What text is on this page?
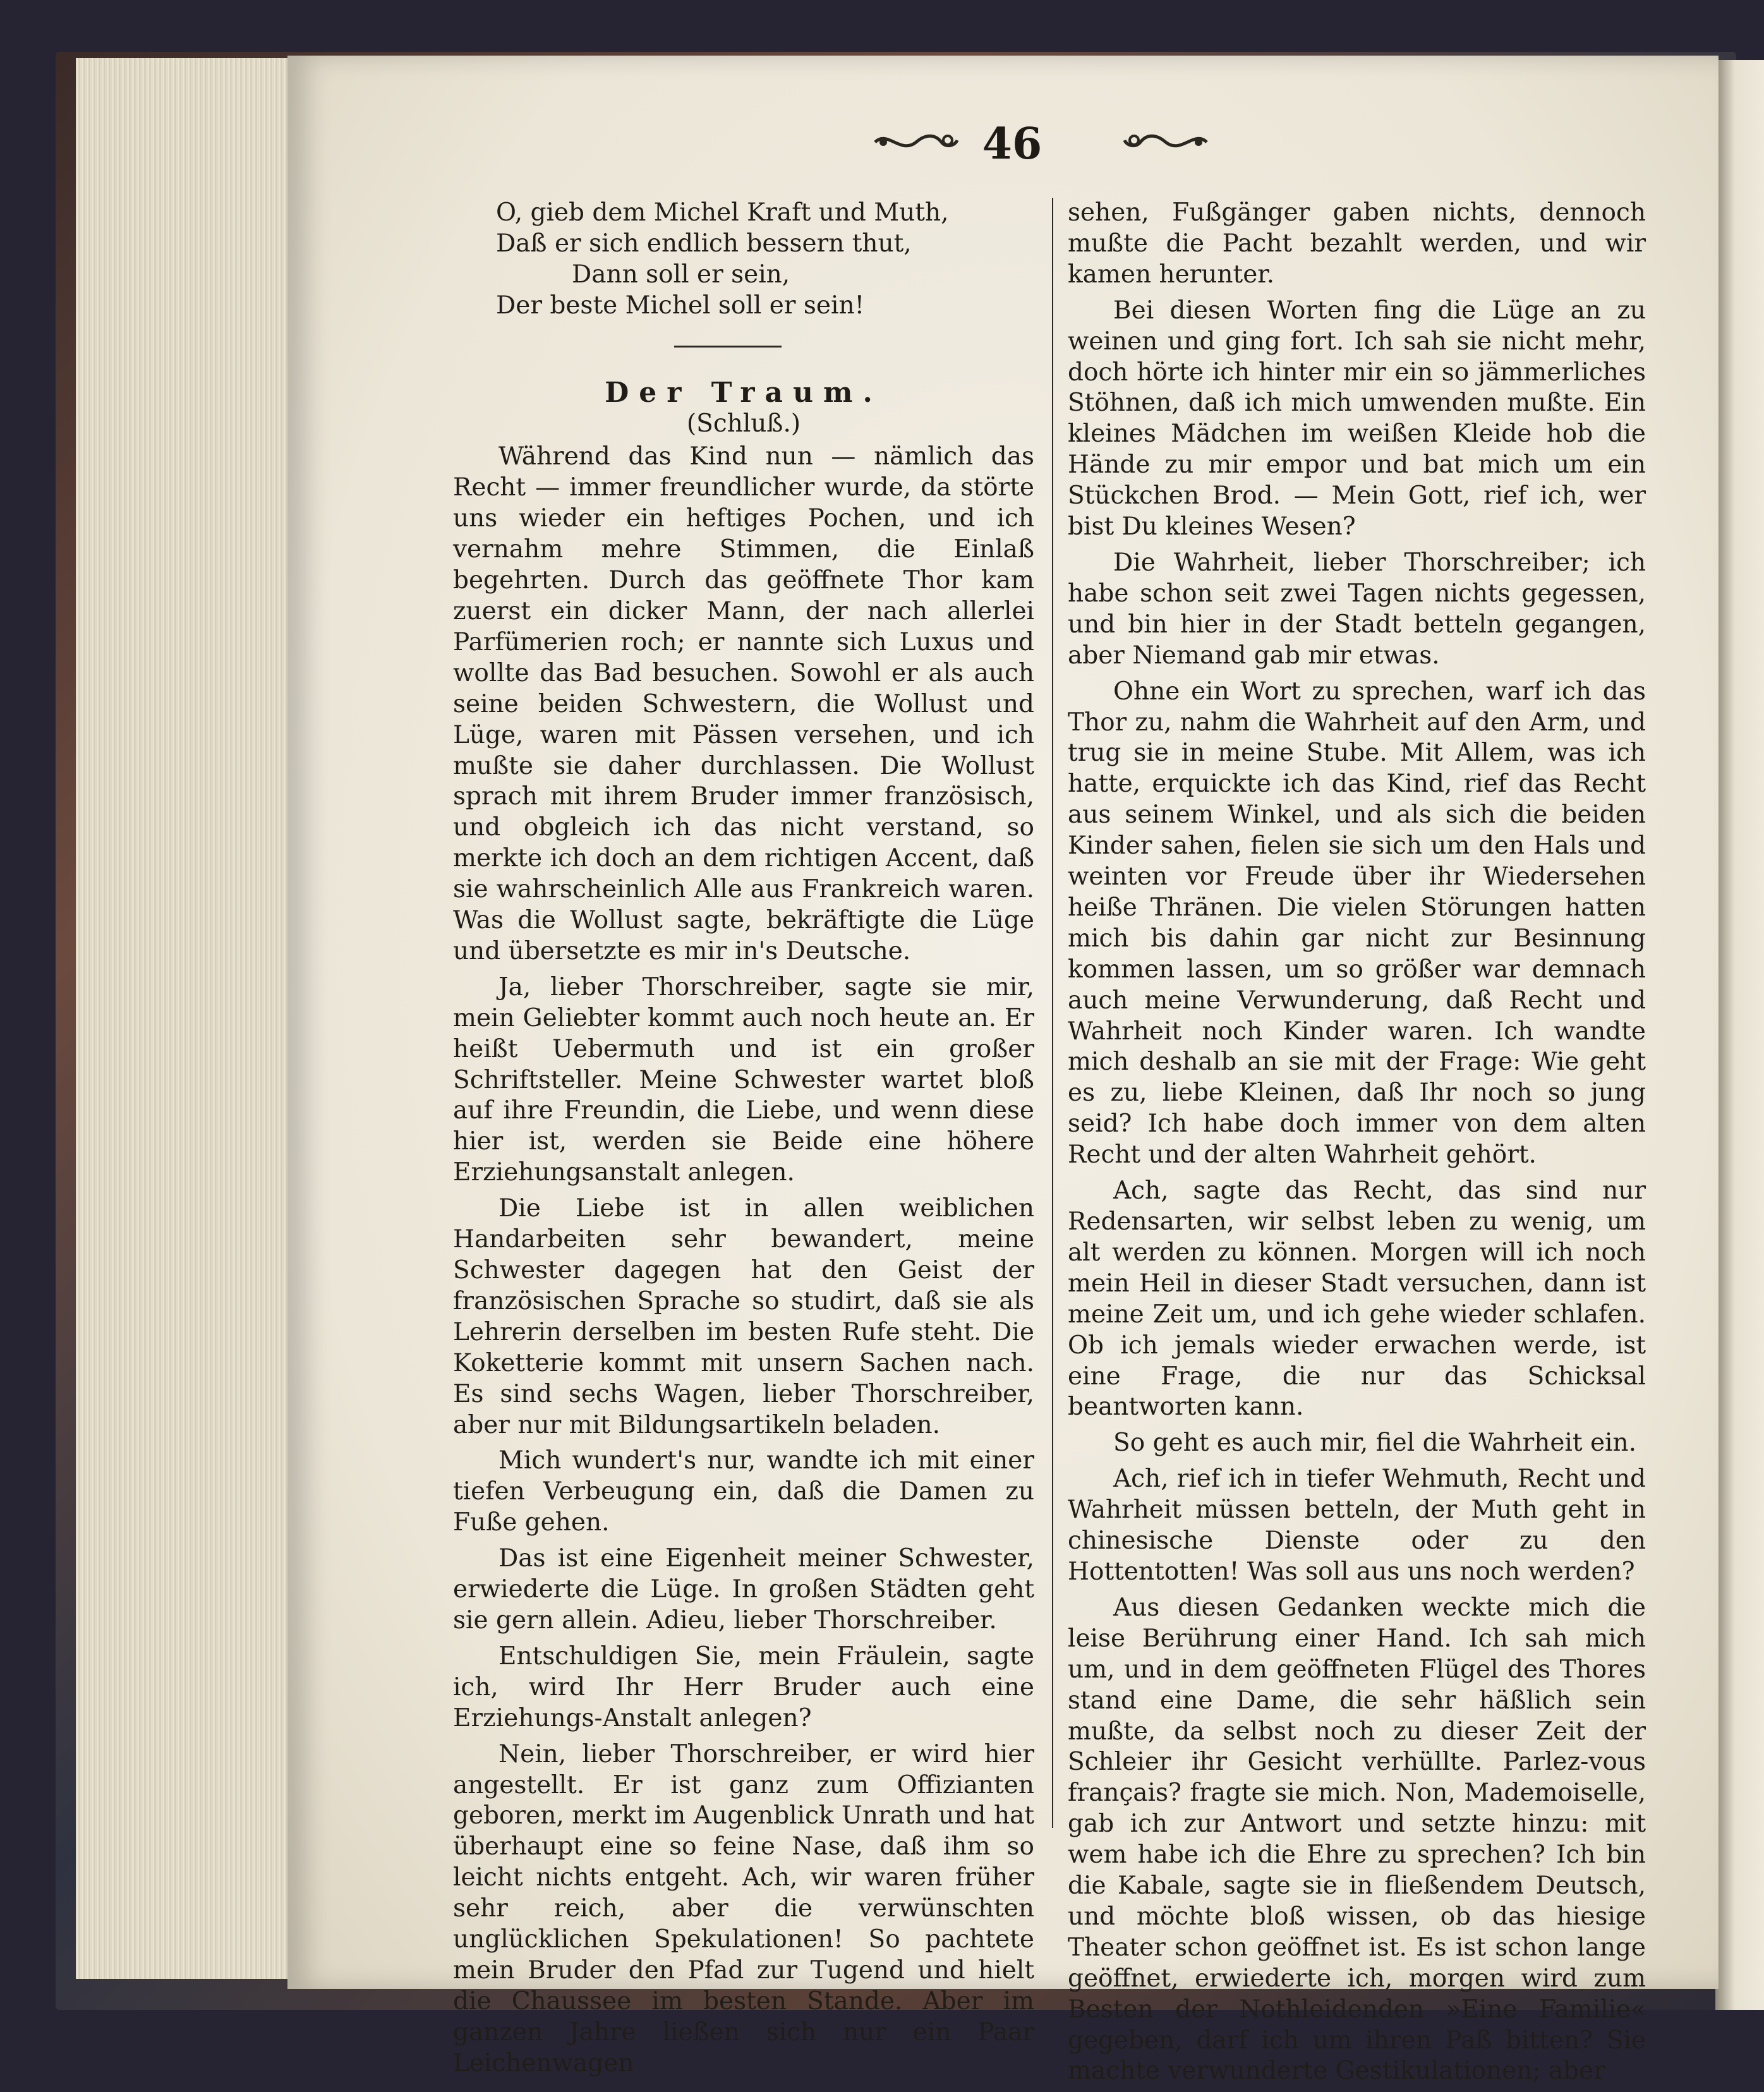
46

O, gieb dem Michel Kraft und Muth,

Daß er sich endlich bessern thut,

Dann soll er sein,

Der beste Michel soll er sein!

Der Traum.

(Schluß.)

Während das Kind nun — nämlich das Recht — immer freundlicher wurde, da störte uns wieder ein heftiges Pochen, und ich vernahm mehre Stimmen, die Einlaß begehrten. Durch das geöffnete Thor kam zuerst ein dicker Mann, der nach allerlei Parfümerien roch; er nannte sich Luxus und wollte das Bad besuchen. Sowohl er als auch seine beiden Schwestern, die Wollust und Lüge, waren mit Pässen versehen, und ich mußte sie daher durchlassen. Die Wollust sprach mit ihrem Bruder immer französisch, und obgleich ich das nicht verstand, so merkte ich doch an dem richtigen Accent, daß sie wahrscheinlich Alle aus Frankreich waren. Was die Wollust sagte, bekräftigte die Lüge und übersetzte es mir in's Deutsche.

Ja, lieber Thorschreiber, sagte sie mir, mein Geliebter kommt auch noch heute an. Er heißt Uebermuth und ist ein großer Schriftsteller. Meine Schwester wartet bloß auf ihre Freundin, die Liebe, und wenn diese hier ist, werden sie Beide eine höhere Erziehungsanstalt anlegen.

Die Liebe ist in allen weiblichen Handarbeiten sehr bewandert, meine Schwester dagegen hat den Geist der französischen Sprache so studirt, daß sie als Lehrerin derselben im besten Rufe steht. Die Koketterie kommt mit unsern Sachen nach. Es sind sechs Wagen, lieber Thorschreiber, aber nur mit Bildungsartikeln beladen.

Mich wundert's nur, wandte ich mit einer tiefen Verbeugung ein, daß die Damen zu Fuße gehen.

Das ist eine Eigenheit meiner Schwester, erwiederte die Lüge. In großen Städten geht sie gern allein. Adieu, lieber Thorschreiber.

Entschuldigen Sie, mein Fräulein, sagte ich, wird Ihr Herr Bruder auch eine Erziehungs-Anstalt anlegen?

Nein, lieber Thorschreiber, er wird hier angestellt. Er ist ganz zum Offizianten geboren, merkt im Augenblick Unrath und hat überhaupt eine so feine Nase, daß ihm so leicht nichts entgeht. Ach, wir waren früher sehr reich, aber die verwünschten unglücklichen Spekulationen! So pachtete mein Bruder den Pfad zur Tugend und hielt die Chaussee im besten Stande. Aber im ganzen Jahre ließen sich nur ein Paar Leichenwagen

sehen, Fußgänger gaben nichts, dennoch mußte die Pacht bezahlt werden, und wir kamen herunter.

Bei diesen Worten fing die Lüge an zu weinen und ging fort. Ich sah sie nicht mehr, doch hörte ich hinter mir ein so jämmerliches Stöhnen, daß ich mich umwenden mußte. Ein kleines Mädchen im weißen Kleide hob die Hände zu mir empor und bat mich um ein Stückchen Brod. — Mein Gott, rief ich, wer bist Du kleines Wesen?

Die Wahrheit, lieber Thorschreiber; ich habe schon seit zwei Tagen nichts gegessen, und bin hier in der Stadt betteln gegangen, aber Niemand gab mir etwas.

Ohne ein Wort zu sprechen, warf ich das Thor zu, nahm die Wahrheit auf den Arm, und trug sie in meine Stube. Mit Allem, was ich hatte, erquickte ich das Kind, rief das Recht aus seinem Winkel, und als sich die beiden Kinder sahen, fielen sie sich um den Hals und weinten vor Freude über ihr Wiedersehen heiße Thränen. Die vielen Störungen hatten mich bis dahin gar nicht zur Besinnung kommen lassen, um so größer war demnach auch meine Verwunderung, daß Recht und Wahrheit noch Kinder waren. Ich wandte mich deshalb an sie mit der Frage: Wie geht es zu, liebe Kleinen, daß Ihr noch so jung seid? Ich habe doch immer von dem alten Recht und der alten Wahrheit gehört.

Ach, sagte das Recht, das sind nur Redensarten, wir selbst leben zu wenig, um alt werden zu können. Morgen will ich noch mein Heil in dieser Stadt versuchen, dann ist meine Zeit um, und ich gehe wieder schlafen. Ob ich jemals wieder erwachen werde, ist eine Frage, die nur das Schicksal beantworten kann.

So geht es auch mir, fiel die Wahrheit ein.

Ach, rief ich in tiefer Wehmuth, Recht und Wahrheit müssen betteln, der Muth geht in chinesische Dienste oder zu den Hottentotten! Was soll aus uns noch werden?

Aus diesen Gedanken weckte mich die leise Berührung einer Hand. Ich sah mich um, und in dem geöffneten Flügel des Thores stand eine Dame, die sehr häßlich sein mußte, da selbst noch zu dieser Zeit der Schleier ihr Gesicht verhüllte. Parlez-vous français? fragte sie mich. Non, Mademoiselle, gab ich zur Antwort und setzte hinzu: mit wem habe ich die Ehre zu sprechen? Ich bin die Kabale, sagte sie in fließendem Deutsch, und möchte bloß wissen, ob das hiesige Theater schon geöffnet ist. Es ist schon lange geöffnet, erwiederte ich, morgen wird zum Besten der Nothleidenden »Eine Familie« gegeben, darf ich um ihren Paß bitten? Sie machte verwunderte Gestikulationen; aber
